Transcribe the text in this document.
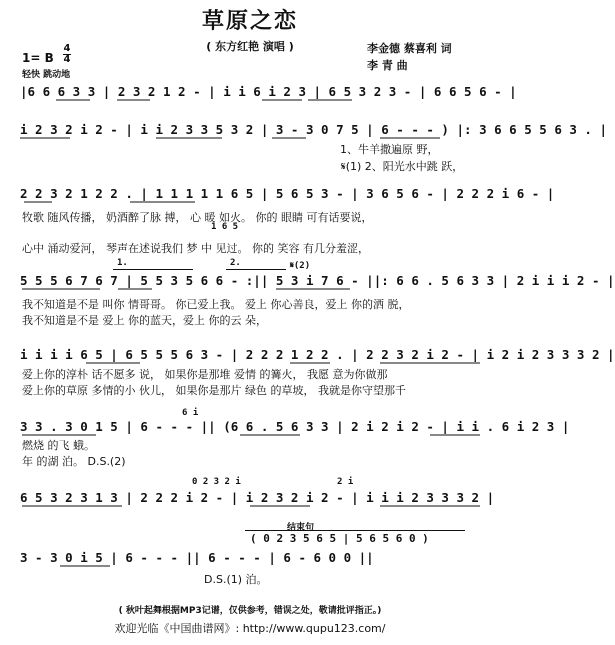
草原之恋
( 东方红艳 演唱 )	李金德 蔡喜利 词
李 青 曲
1= B
4
4
轻快 跳动地
|6 6 6 3 3 | 2 3 2 1 2 - | i i 6 i 2 3 | 6 5 3 2 3 - | 6 6 5 6 - |
i 2 3 2 i 2 - | i i 2 3 3 5 3 2 | 3 - 3 0 7 5 | 6 - - - ) |: 3 6 6 5 5 6 3 . |
2 2 3 2 1 2 2 . | 1 1 1 1 1 6 5 | 5 6 5 3 - | 3 6 5 6 - | 2 2 2 i 6 - |
5 5 5 6 7 6 7 | 5 5 3 5 6 6 - :|| 5 3 i 7 6 - ||: 6 6 . 5 6 3 3 | 2 i i i 2 - |
i i i i 6 5 | 6 5 5 5 6 3 - | 2 2 2 1 2 2 . | 2 2 3 2 i 2 - | i 2 i 2 3 3 3 2 |
3 3 . 3 0 1 5 | 6 - - - || (6 6 . 5 6 3 3 | 2 i 2 i 2 - | i i . 6 i 2 3 |
6 5 3 2 3 1 3 | 2 2 2 i 2 - | i 2 3 2 i 2 - | i i i 2 3 3 3 2 |
3 - 3 0 i 5 | 6 - - - || 6 - - - | 6 - 6 0 0 ||
1、牛羊撒遍原 野，
𝄋(1) 2、阳光水中跳 跃，
牧歌 随风传播， 奶酒醉了脉 搏， 心 暖 如火。 你的 眼睛 可有话要说，
心中 涌动爱河， 琴声在述说我们 梦 中 见过。 你的 笑容 有几分羞涩，
我不知道是不是 叫你 情哥哥。 你已爱上我。 爱上 你心善良，爱上 你的洒 脱，
我不知道是不是 爱上 你的蓝天，爱上 你的云 朵，
爱上你的淳朴 话不愿多 说， 如果你是那堆 爱情 的篝火， 我愿 意为你做那
爱上你的草原 多情的小 伙儿， 如果你是那片 绿色 的草坡， 我就是你守望那千
燃烧 的飞 蛾。
年 的湖 泊。 D.S.(2)
D.S.(1) 泊。
1 6 5
1.	2.	𝄋(2)
0 2 3 2 i	2 i
6 i
结束句
( 0 2 3 5 6 5 | 5 6 5 6 0 )
( 秋叶起舞根据MP3记谱，仅供参考，错误之处，敬请批评指正。)
欢迎光临《中国曲谱网》: http://www.qupu123.com/
